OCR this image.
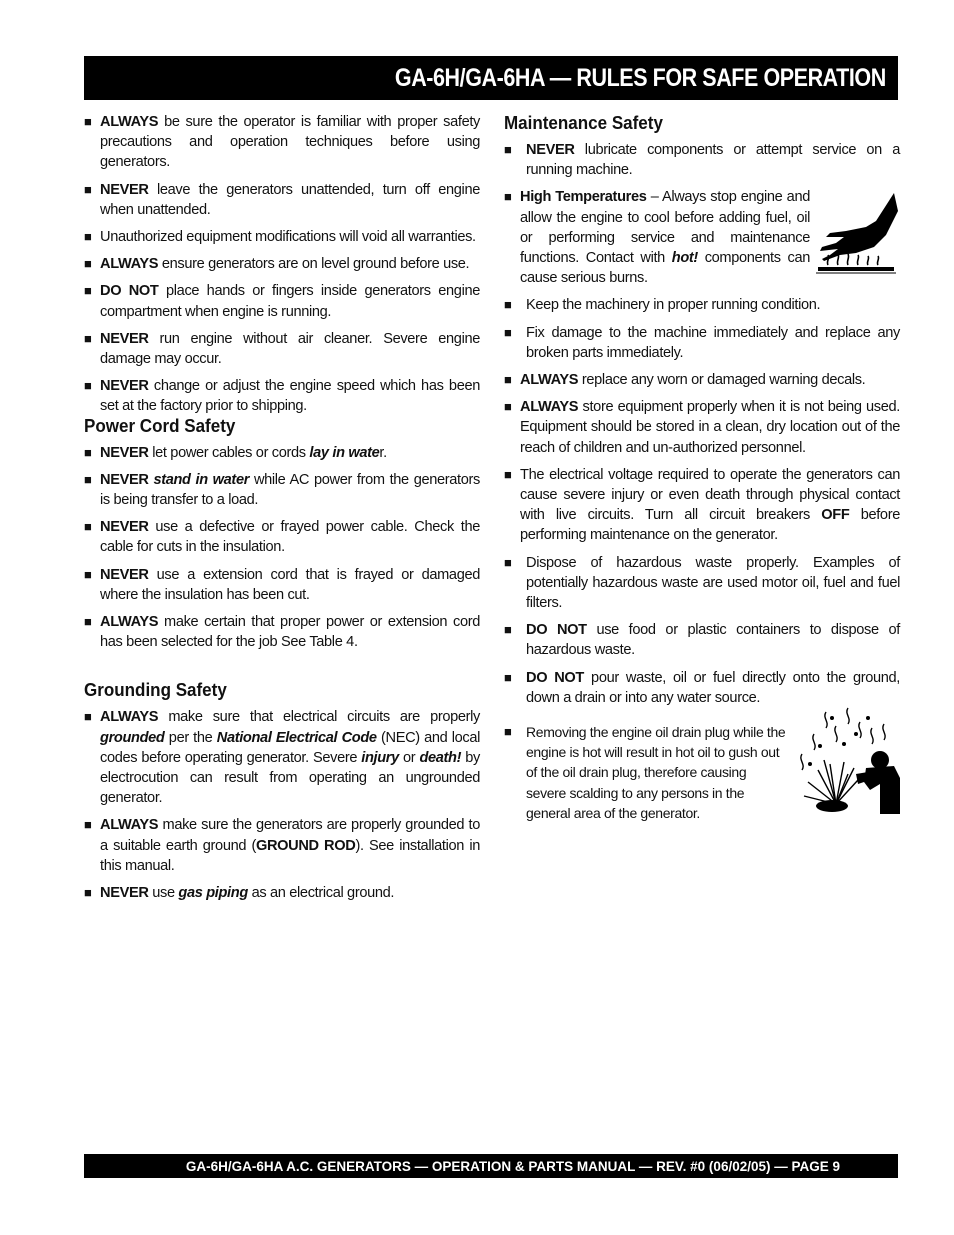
GA-6H/GA-6HA — RULES FOR SAFE OPERATION
■ ALWAYS be sure the operator is familiar with proper safety precautions and operation techniques before using generators.
■ NEVER leave the generators unattended, turn off engine when unattended.
■ Unauthorized equipment modifications will void all warranties.
■ ALWAYS ensure generators are on level ground before use.
■ DO NOT place hands or fingers inside generators engine compartment when engine is running.
■ NEVER run engine without air cleaner. Severe engine damage may occur.
■ NEVER change or adjust the engine speed which has been set at the factory prior to shipping.
Power Cord Safety
■ NEVER let power cables or cords lay in water.
■ NEVER stand in water while AC power from the generators is being transfer to a load.
■ NEVER use a defective or frayed power cable. Check the cable for cuts in the insulation.
■ NEVER use a extension cord that is frayed or damaged where the insulation has been cut.
■ ALWAYS make certain that proper power or extension cord has been selected for the job See Table 4.
Grounding Safety
■ ALWAYS make sure that electrical circuits are properly grounded per the National Electrical Code (NEC) and local codes before operating generator. Severe injury or death! by electrocution can result from operating an ungrounded generator.
■ ALWAYS make sure the generators are properly grounded to a suitable earth ground (GROUND ROD). See installation in this manual.
■ NEVER use gas piping as an electrical ground.
Maintenance Safety
■ NEVER lubricate components or attempt service on a running machine.
■ High Temperatures – Always stop engine and allow the engine to cool before adding fuel, oil or performing service and maintenance functions. Contact with hot! components can cause serious burns.
■ Keep the machinery in proper running condition.
■ Fix damage to the machine immediately and replace any broken parts immediately.
■ ALWAYS replace any worn or damaged warning decals.
■ ALWAYS store equipment properly when it is not being used. Equipment should be stored in a clean, dry location out of the reach of children and un-authorized personnel.
■ The electrical voltage required to operate the generators can cause severe injury or even death through physical contact with live circuits. Turn all circuit breakers OFF before performing maintenance on the generator.
■ Dispose of hazardous waste properly. Examples of potentially hazardous waste are used motor oil, fuel and fuel filters.
■ DO NOT use food or plastic containers to dispose of hazardous waste.
■ DO NOT pour waste, oil or fuel directly onto the ground, down a drain or into any water source.
■	Removing the engine oil drain plug while the engine is hot will result in hot oil to gush out of the oil drain plug, therefore causing severe scalding to any persons in the general area of the generator.
GA-6H/GA-6HA A.C. GENERATORS — OPERATION & PARTS MANUAL — REV. #0 (06/02/05) — PAGE 9
